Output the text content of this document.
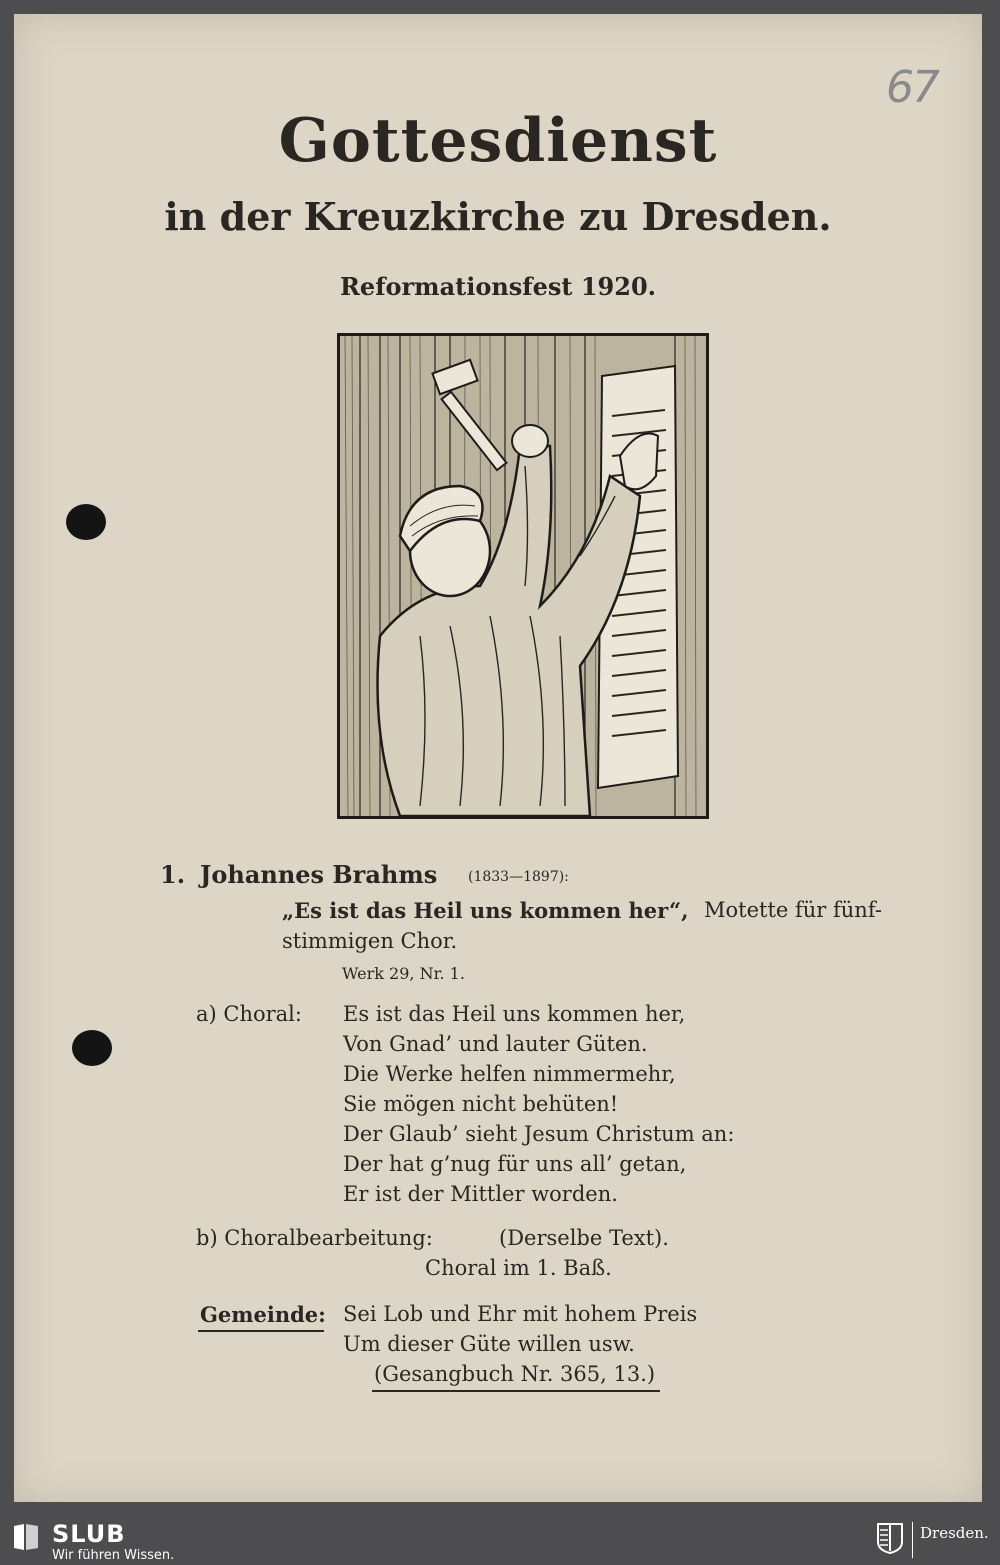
67
Gottesdienst
in der Kreuzkirche zu Dresden.
Reformationsfest 1920.
1. Johannes Brahms (1833—1897):
„Es ist das Heil uns kommen her“, Motette für fünf-
stimmigen Chor.
Werk 29, Nr. 1.
a) Choral: Es ist das Heil uns kommen her,
Von Gnad’ und lauter Güten.
Die Werke helfen nimmermehr,
Sie mögen nicht behüten!
Der Glaub’ sieht Jesum Christum an:
Der hat g’nug für uns all’ getan,
Er ist der Mittler worden.
b) Choralbearbeitung:	(Derselbe Text).
Choral im 1. Baß.
Gemeinde: Sei Lob und Ehr mit hohem Preis
Um dieser Güte willen usw.
(Gesangbuch Nr. 365, 13.)
SLUB
Wir führen Wissen.
Dresden.
